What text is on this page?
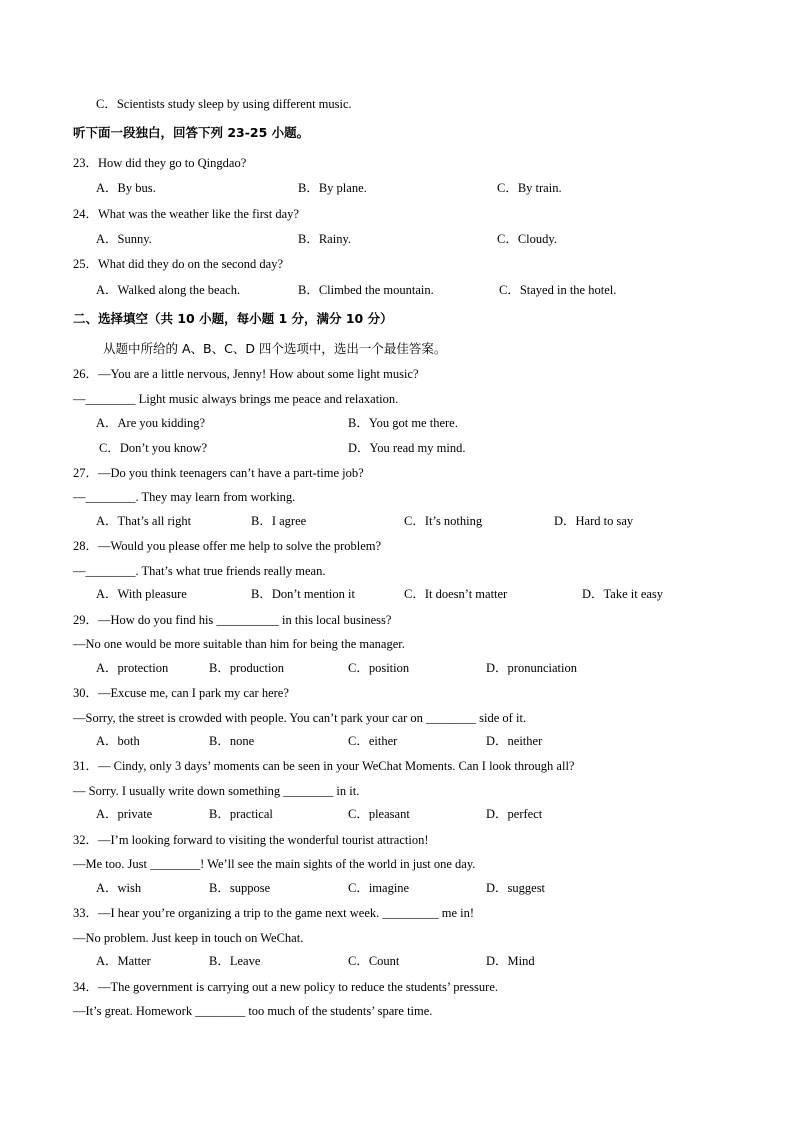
C．Scientists study sleep by using different music.
听下面一段独白，回答下列 23-25 小题。
23．How did they go to Qingdao?
A．By bus.	B．By plane.	C．By train.
24．What was the weather like the first day?
A．Sunny.	B．Rainy.	C．Cloudy.
25．What did they do on the second day?
A．Walked along the beach.	B．Climbed the mountain.	C．Stayed in the hotel.
二、选择填空（共 10 小题，每小题 1 分，满分 10 分）
从题中所给的 A、B、C、D 四个选项中，选出一个最佳答案。
26．—You are a little nervous, Jenny! How about some light music?
—________ Light music always brings me peace and relaxation.
A．Are you kidding?	B．You got me there.
C．Don’t you know?	D．You read my mind.
27．—Do you think teenagers can’t have a part-time job?
—________. They may learn from working.
A．That’s all right	B．I agree	C．It’s nothing	D．Hard to say
28．—Would you please offer me help to solve the problem?
—________. That’s what true friends really mean.
A．With pleasure	B．Don’t mention it	C．It doesn’t matter	D．Take it easy
29．—How do you find his __________ in this local business?
—No one would be more suitable than him for being the manager.
A．protection	B．production	C．position	D．pronunciation
30．—Excuse me, can I park my car here?
—Sorry, the street is crowded with people. You can’t park your car on ________ side of it.
A．both	B．none	C．either	D．neither
31．— Cindy, only 3 days’ moments can be seen in your WeChat Moments. Can I look through all?
— Sorry. I usually write down something ________ in it.
A．private	B．practical	C．pleasant	D．perfect
32．—I’m looking forward to visiting the wonderful tourist attraction!
—Me too. Just ________! We’ll see the main sights of the world in just one day.
A．wish	B．suppose	C．imagine	D．suggest
33．—I hear you’re organizing a trip to the game next week. _________ me in!
—No problem. Just keep in touch on WeChat.
A．Matter	B．Leave	C．Count	D．Mind
34．—The government is carrying out a new policy to reduce the students’ pressure.
—It’s great. Homework ________ too much of the students’ spare time.
